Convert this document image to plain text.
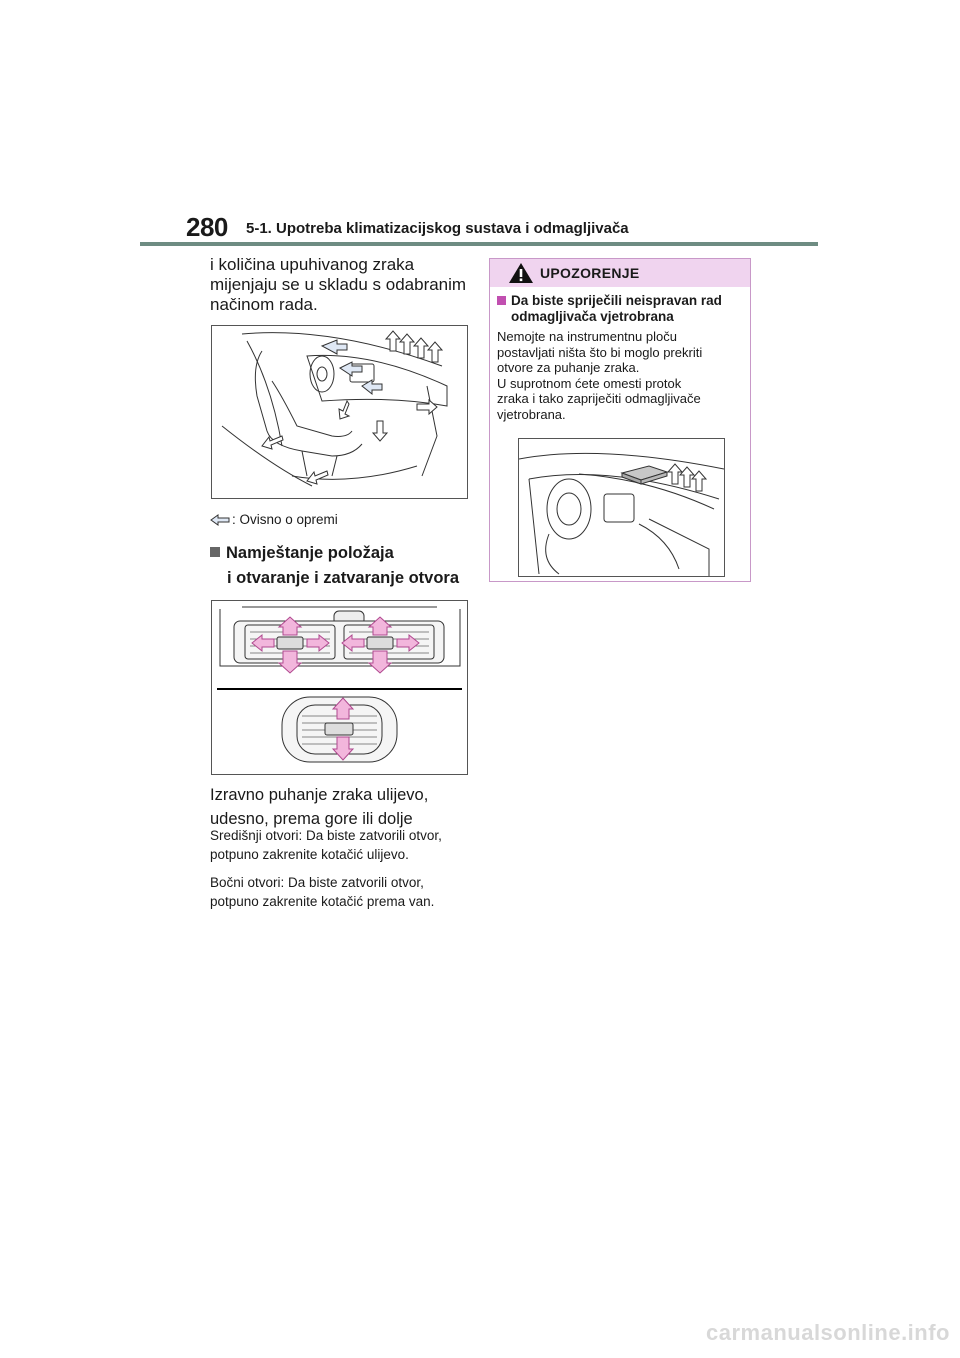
280 5-1. Upotreba klimatizacijskog sustava i odmagljivača
i količina upuhivanog zraka
mijenjaju se u skladu s odabranim
načinom rada.
: Ovisno o opremi
Namještanje položaja
i otvaranje i zatvaranje otvora
Izravno puhanje zraka ulijevo,
udesno, prema gore ili dolje
Središnji otvori: Da biste zatvorili otvor,
potpuno zakrenite kotačić ulijevo.
Bočni otvori: Da biste zatvorili otvor,
potpuno zakrenite kotačić prema van.
UPOZORENJE
Da biste spriječili neispravan rad
odmagljivača vjetrobrana
Nemojte na instrumentnu ploču
postavljati ništa što bi moglo prekriti
otvore za puhanje zraka.
U suprotnom ćete omesti protok
zraka i tako zapriječiti odmagljivače
vjetrobrana.
carmanualsonline.info
